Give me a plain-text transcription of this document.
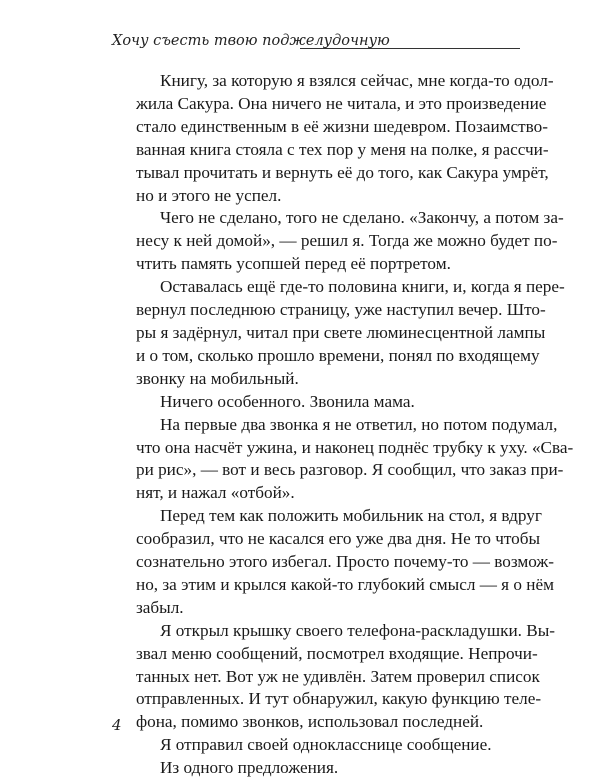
Хочу съесть твою поджелудочную

Книгу, за которую я взялся сейчас, мне когда-то одол-
жила Сакура. Она ничего не читала, и это произведение
стало единственным в её жизни шедевром. Позаимство-
ванная книга стояла с тех пор у меня на полке, я рассчи-
тывал прочитать и вернуть её до того, как Сакура умрёт,
но и этого не успел.

Чего не сделано, того не сделано. «Закончу, а потом за-
несу к ней домой», — решил я. Тогда же можно будет по-
чтить память усопшей перед её портретом.

Оставалась ещё где-то половина книги, и, когда я пере-
вернул последнюю страницу, уже наступил вечер. Што-
ры я задёрнул, читал при свете люминесцентной лампы
и о том, сколько прошло времени, понял по входящему
звонку на мобильный.

Ничего особенного. Звонила мама.

На первые два звонка я не ответил, но потом подумал,
что она насчёт ужина, и наконец поднёс трубку к уху. «Сва-
ри рис», — вот и весь разговор. Я сообщил, что заказ при-
нят, и нажал «отбой».

Перед тем как положить мобильник на стол, я вдруг
сообразил, что не касался его уже два дня. Не то чтобы
сознательно этого избегал. Просто почему-то — возмож-
но, за этим и крылся какой-то глубокий смысл — я о нём
забыл.

Я открыл крышку своего телефона-раскладушки. Вы-
звал меню сообщений, посмотрел входящие. Непрочи-
танных нет. Вот уж не удивлён. Затем проверил список
отправленных. И тут обнаружил, какую функцию теле-
фона, помимо звонков, использовал последней.

Я отправил своей однокласснице сообщение.

Из одного предложения.

4
